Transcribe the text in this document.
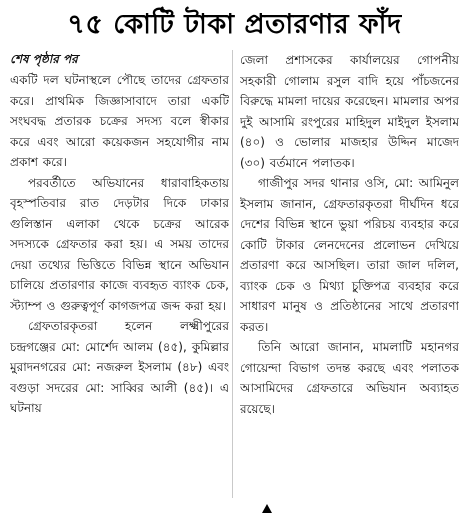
৭৫ কোটি টাকা প্রতারণার ফাঁদ
শেষ পৃষ্ঠার পর

একটি দল ঘটনাস্থলে পৌছে তাদের গ্রেফতার করে। প্রাথমিক জিজ্ঞাসাবাদে তারা একটি সংঘবদ্ধ প্রতারক চক্রের সদস্য বলে স্বীকার করে এবং আরো কয়েকজন সহযোগীর নাম প্রকাশ করে।

পরবর্তীতে অভিযানের ধারাবাহিকতায় বৃহস্পতিবার রাত দেড়টার দিকে ঢাকার গুলিস্তান এলাকা থেকে চক্রের আরেক সদস্যকে গ্রেফতার করা হয়। এ সময় তাদের দেয়া তথ্যের ভিত্তিতে বিভিন্ন স্থানে অভিযান চালিয়ে প্রতারণার কাজে ব্যবহৃত ব্যাংক চেক, স্ট্যাম্প ও গুরুত্বপূর্ণ কাগজপত্র জব্দ করা হয়।

গ্রেফতারকৃতরা হলেন লক্ষ্মীপুরের চন্দ্রগঞ্জের মো: মোর্শেদ আলম (৪৫), কুমিল্লার মুরাদনগরের মো: নজরুল ইসলাম (৪৮) এবং বগুড়া সদরের মো: সাব্বির আলী (৪৫)। এ ঘটনায়

জেলা প্রশাসকের কার্যালয়ের গোপনীয় সহকারী গোলাম রসুল বাদি হয়ে পাঁচজনের বিরুদ্ধে মামলা দায়ের করেছেন। মামলার অপর দুই আসামি রংপুরের মাহিদুল মাইদুল ইসলাম (৪০) ও ভোলার মাজহার উদ্দিন মাজেদ (৩০) বর্তমানে পলাতক।

গাজীপুর সদর থানার ওসি, মো: আমিনুল ইসলাম জানান, গ্রেফতারকৃতরা দীর্ঘদিন ধরে দেশের বিভিন্ন স্থানে ভুয়া পরিচয় ব্যবহার করে কোটি টাকার লেনদেনের প্রলোভন দেখিয়ে প্রতারণা করে আসছিল। তারা জাল দলিল, ব্যাংক চেক ও মিথ্যা চুক্তিপত্র ব্যবহার করে সাধারণ মানুষ ও প্রতিষ্ঠানের সাথে প্রতারণা করত।

তিনি আরো জানান, মামলাটি মহানগর গোয়েন্দা বিভাগ তদন্ত করছে এবং পলাতক আসামিদের গ্রেফতারে অভিযান অব্যাহত রয়েছে।
